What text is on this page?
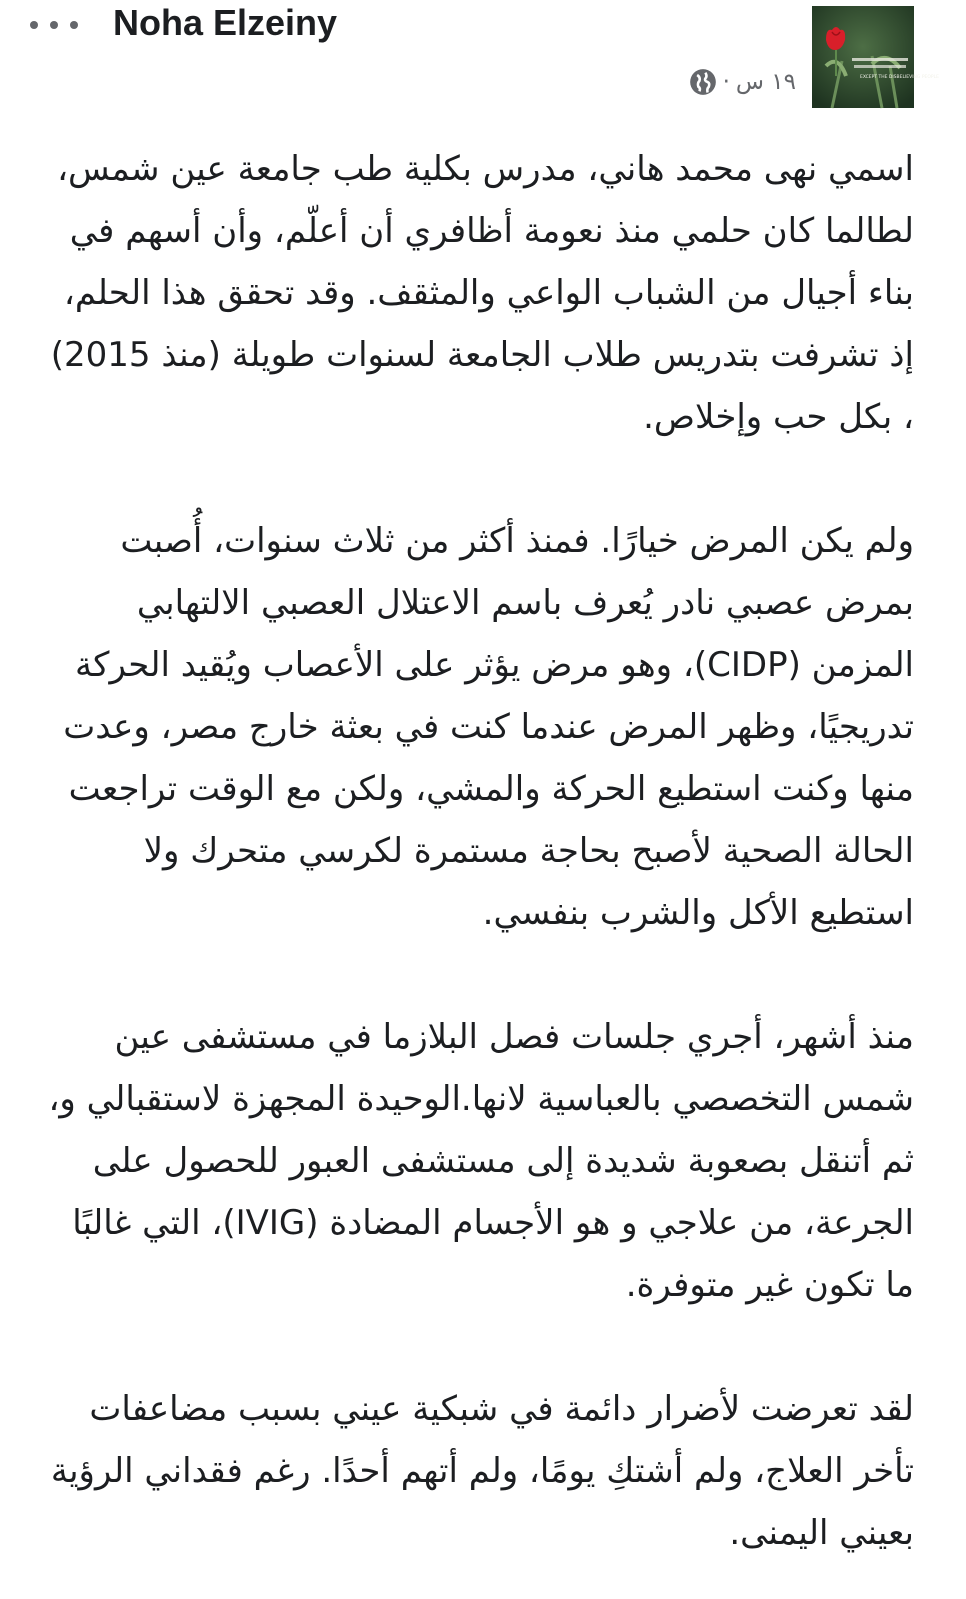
Noha Elzeiny
١٩ س
·	EXCEPT THE DISBELIEVING PEOPLE

اسمي نهى محمد هاني، مدرس بكلية طب جامعة عين شمس، لطالما كان حلمي منذ نعومة أظافري أن أعلّم، وأن أسهم في بناء أجيال من الشباب الواعي والمثقف. وقد تحقق هذا الحلم، إذ تشرفت بتدريس طلاب الجامعة لسنوات طويلة (منذ 2015) ، بكل حب وإخلاص.

ولم يكن المرض خيارًا. فمنذ أكثر من ثلاث سنوات، أُصبت بمرض عصبي نادر يُعرف باسم الاعتلال العصبي الالتهابي المزمن (CIDP)، وهو مرض يؤثر على الأعصاب ويُقيد الحركة تدريجيًا، وظهر المرض عندما كنت في بعثة خارج مصر، وعدت منها وكنت استطيع الحركة والمشي، ولكن مع الوقت تراجعت الحالة الصحية لأصبح بحاجة مستمرة لكرسي متحرك ولا استطيع الأكل والشرب بنفسي.

منذ أشهر، أجري جلسات فصل البلازما في مستشفى عين شمس التخصصي بالعباسية لانها.الوحيدة المجهزة لاستقبالي و، ثم أتنقل بصعوبة شديدة إلى مستشفى العبور للحصول على الجرعة، من علاجي و هو الأجسام المضادة (IVIG)، التي غالبًا ما تكون غير متوفرة.

لقد تعرضت لأضرار دائمة في شبكية عيني بسبب مضاعفات تأخر العلاج، ولم أشتكِ يومًا، ولم أتهم أحدًا. رغم فقداني الرؤية بعيني اليمنى.
